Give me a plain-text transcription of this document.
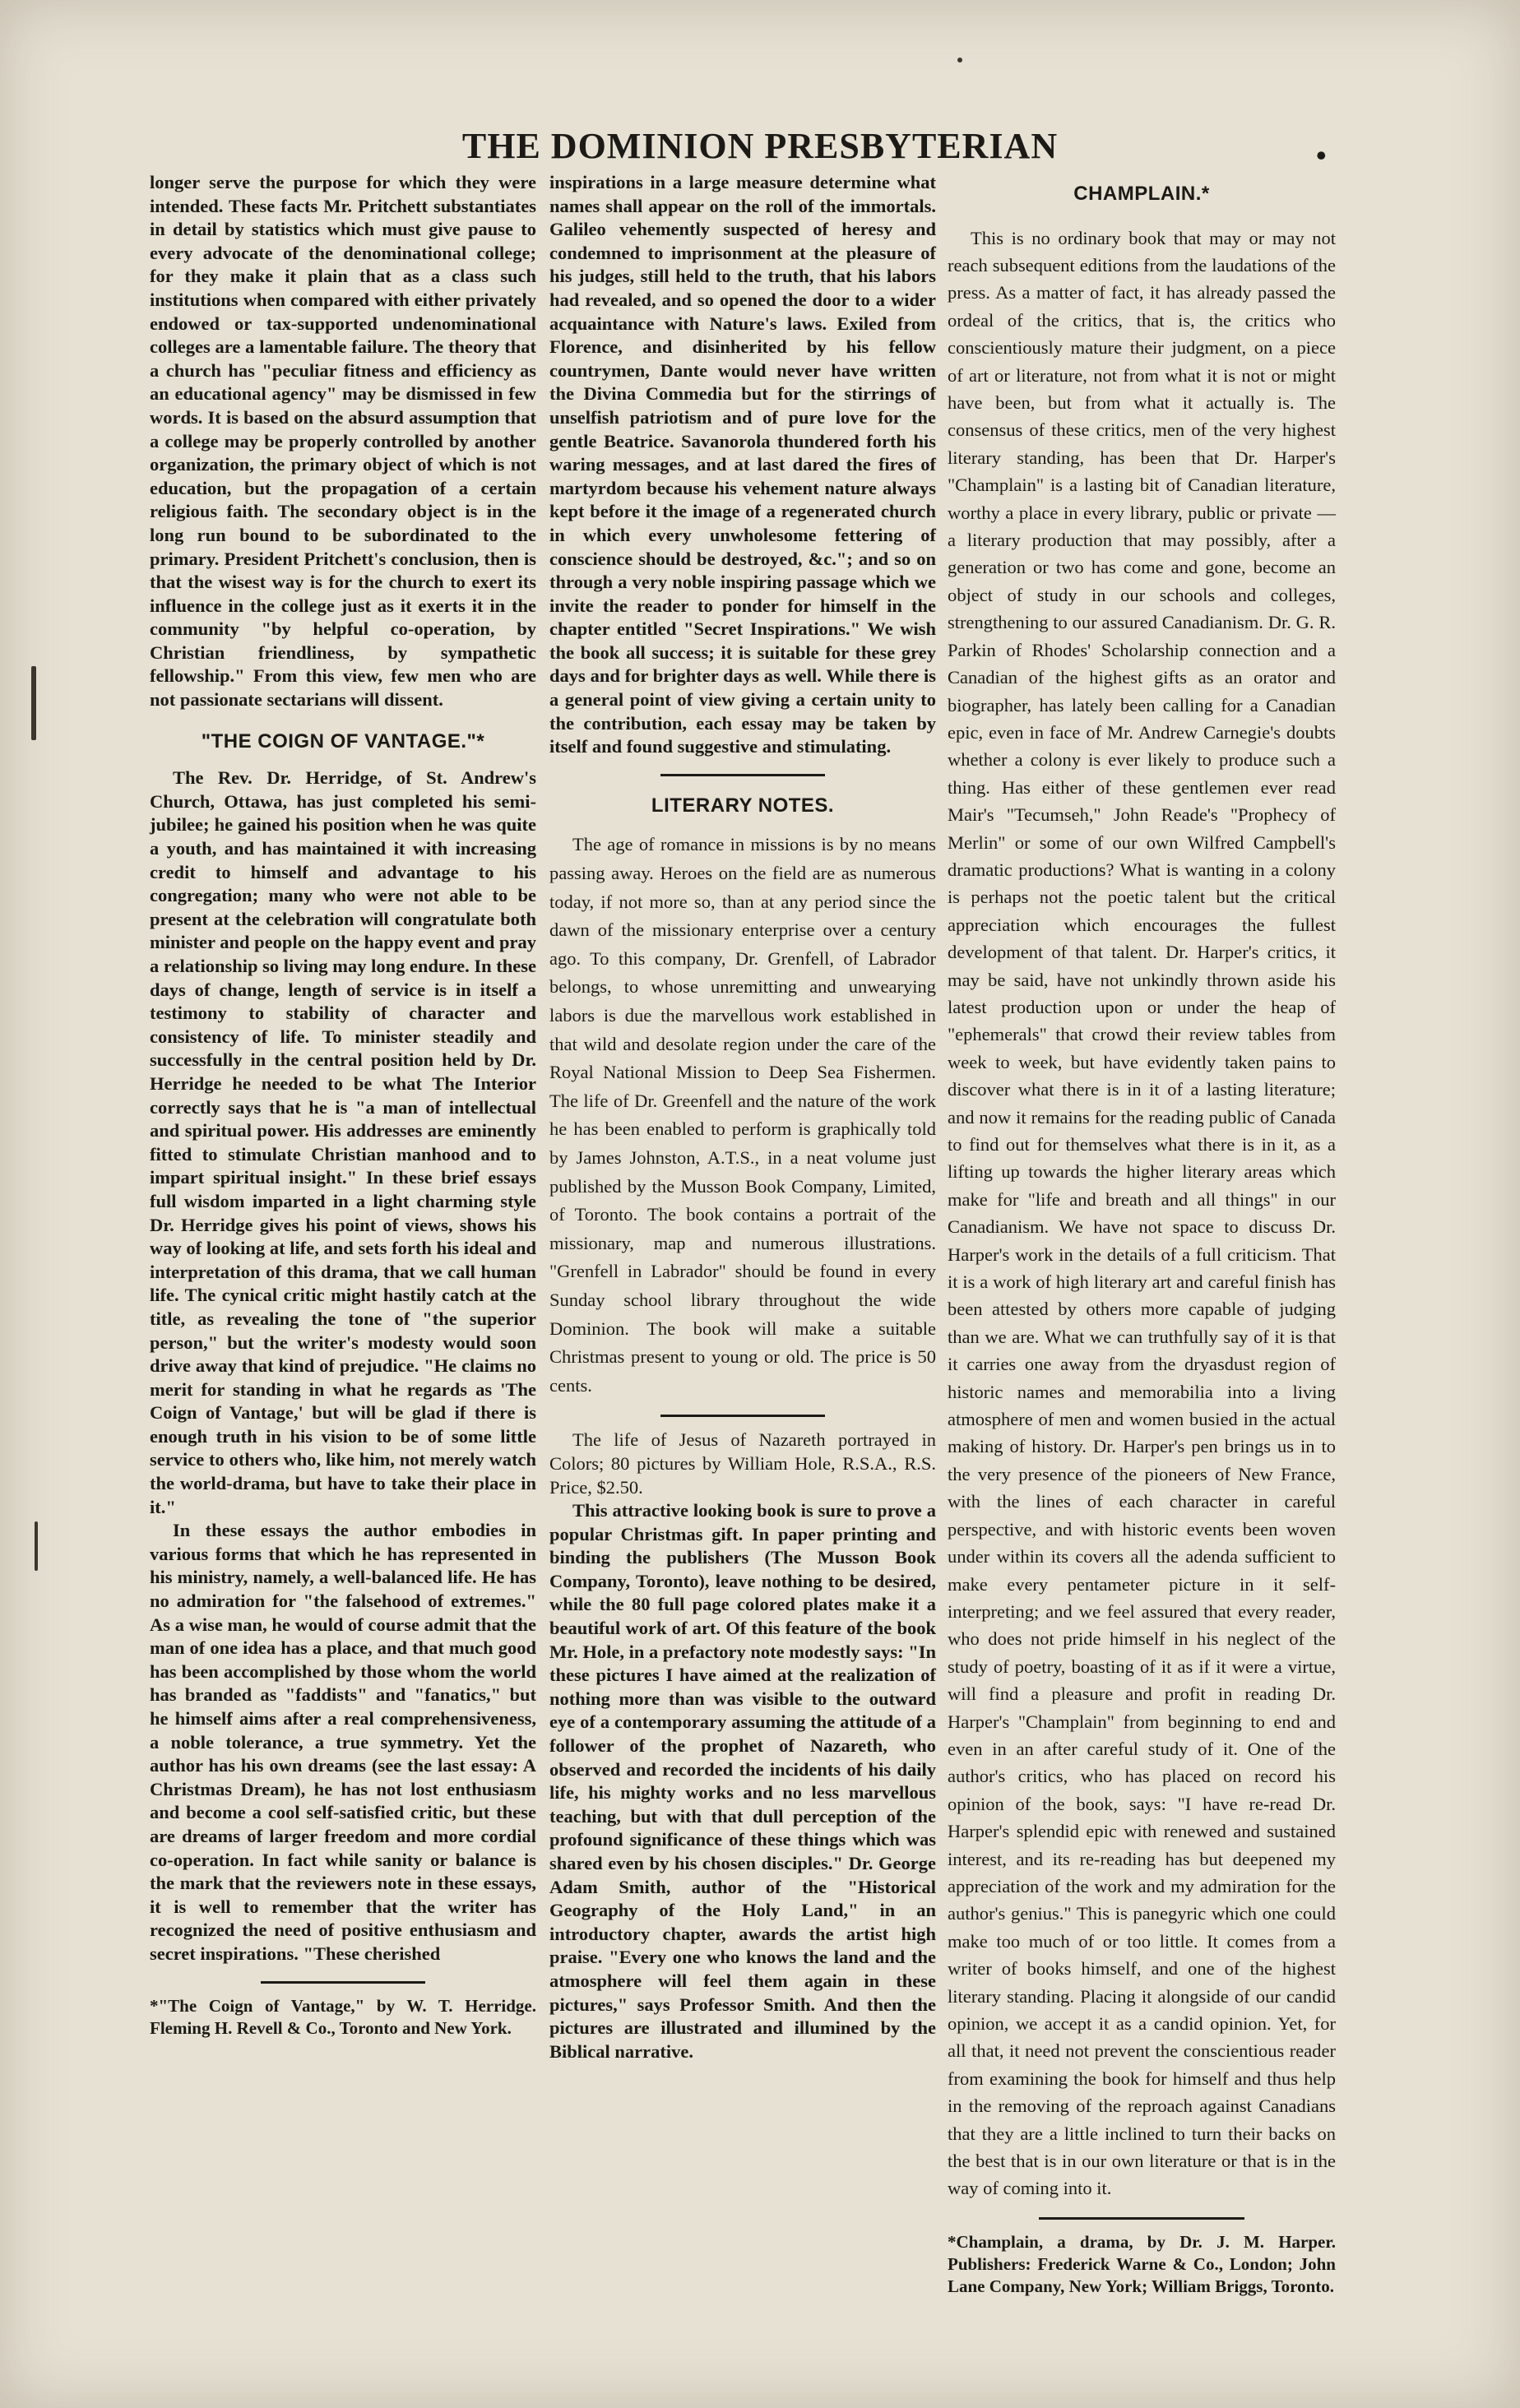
THE DOMINION PRESBYTERIAN	•

longer serve the purpose for which they were intended. These facts Mr. Pritchett substantiates in detail by statistics which must give pause to every advocate of the denominational college; for they make it plain that as a class such institutions when compared with either privately endowed or tax-supported undenominational colleges are a lamentable failure. The theory that a church has "peculiar fitness and efficiency as an educational agency" may be dismissed in few words. It is based on the absurd assumption that a college may be properly controlled by another organization, the primary object of which is not education, but the propagation of a certain religious faith. The secondary object is in the long run bound to be subordinated to the primary. President Pritchett's conclusion, then is that the wisest way is for the church to exert its influence in the college just as it exerts it in the community "by helpful co-operation, by Christian friendliness, by sympathetic fellowship." From this view, few men who are not passionate sectarians will dissent.

"THE COIGN OF VANTAGE."*

The Rev. Dr. Herridge, of St. Andrew's Church, Ottawa, has just completed his semi-jubilee; he gained his position when he was quite a youth, and has maintained it with increasing credit to himself and advantage to his congregation; many who were not able to be present at the celebration will congratulate both minister and people on the happy event and pray a relationship so living may long endure. In these days of change, length of service is in itself a testimony to stability of character and consistency of life. To minister steadily and successfully in the central position held by Dr. Herridge he needed to be what The Interior correctly says that he is "a man of intellectual and spiritual power. His addresses are eminently fitted to stimulate Christian manhood and to impart spiritual insight." In these brief essays full wisdom imparted in a light charming style Dr. Herridge gives his point of views, shows his way of looking at life, and sets forth his ideal and interpretation of this drama, that we call human life. The cynical critic might hastily catch at the title, as revealing the tone of "the superior person," but the writer's modesty would soon drive away that kind of prejudice. "He claims no merit for standing in what he regards as 'The Coign of Vantage,' but will be glad if there is enough truth in his vision to be of some little service to others who, like him, not merely watch the world-drama, but have to take their place in it."

In these essays the author embodies in various forms that which he has represented in his ministry, namely, a well-balanced life. He has no admiration for "the falsehood of extremes." As a wise man, he would of course admit that the man of one idea has a place, and that much good has been accomplished by those whom the world has branded as "faddists" and "fanatics," but he himself aims after a real comprehensiveness, a noble tolerance, a true symmetry. Yet the author has his own dreams (see the last essay: A Christmas Dream), he has not lost enthusiasm and become a cool self-satisfied critic, but these are dreams of larger freedom and more cordial co-operation. In fact while sanity or balance is the mark that the reviewers note in these essays, it is well to remember that the writer has recognized the need of positive enthusiasm and secret inspirations. "These cherished

*"The Coign of Vantage," by W. T. Herridge. Fleming H. Revell & Co., Toronto and New York.

inspirations in a large measure determine what names shall appear on the roll of the immortals. Galileo vehemently suspected of heresy and condemned to imprisonment at the pleasure of his judges, still held to the truth, that his labors had revealed, and so opened the door to a wider acquaintance with Nature's laws. Exiled from Florence, and disinherited by his fellow countrymen, Dante would never have written the Divina Commedia but for the stirrings of unselfish patriotism and of pure love for the gentle Beatrice. Savanorola thundered forth his waring messages, and at last dared the fires of martyrdom because his vehement nature always kept before it the image of a regenerated church in which every unwholesome fettering of conscience should be destroyed, &c."; and so on through a very noble inspiring passage which we invite the reader to ponder for himself in the chapter entitled "Secret Inspirations." We wish the book all success; it is suitable for these grey days and for brighter days as well. While there is a general point of view giving a certain unity to the contribution, each essay may be taken by itself and found suggestive and stimulating.

LITERARY NOTES.

The age of romance in missions is by no means passing away. Heroes on the field are as numerous today, if not more so, than at any period since the dawn of the missionary enterprise over a century ago. To this company, Dr. Grenfell, of Labrador belongs, to whose unremitting and unwearying labors is due the marvellous work established in that wild and desolate region under the care of the Royal National Mission to Deep Sea Fishermen. The life of Dr. Greenfell and the nature of the work he has been enabled to perform is graphically told by James Johnston, A.T.S., in a neat volume just published by the Musson Book Company, Limited, of Toronto. The book contains a portrait of the missionary, map and numerous illustrations. "Grenfell in Labrador" should be found in every Sunday school library throughout the wide Dominion. The book will make a suitable Christmas present to young or old. The price is 50 cents.

The life of Jesus of Nazareth portrayed in Colors; 80 pictures by William Hole, R.S.A., R.S. Price, $2.50.

This attractive looking book is sure to prove a popular Christmas gift. In paper printing and binding the publishers (The Musson Book Company, Toronto), leave nothing to be desired, while the 80 full page colored plates make it a beautiful work of art. Of this feature of the book Mr. Hole, in a prefactory note modestly says: "In these pictures I have aimed at the realization of nothing more than was visible to the outward eye of a contemporary assuming the attitude of a follower of the prophet of Nazareth, who observed and recorded the incidents of his daily life, his mighty works and no less marvellous teaching, but with that dull perception of the profound significance of these things which was shared even by his chosen disciples." Dr. George Adam Smith, author of the "Historical Geography of the Holy Land," in an introductory chapter, awards the artist high praise. "Every one who knows the land and the atmosphere will feel them again in these pictures," says Professor Smith. And then the pictures are illustrated and illumined by the Biblical narrative.

CHAMPLAIN.*

This is no ordinary book that may or may not reach subsequent editions from the laudations of the press. As a matter of fact, it has already passed the ordeal of the critics, that is, the critics who conscientiously mature their judgment, on a piece of art or literature, not from what it is not or might have been, but from what it actually is. The consensus of these critics, men of the very highest literary standing, has been that Dr. Harper's "Champlain" is a lasting bit of Canadian literature, worthy a place in every library, public or private —a literary production that may possibly, after a generation or two has come and gone, become an object of study in our schools and colleges, strengthening to our assured Canadianism. Dr. G. R. Parkin of Rhodes' Scholarship connection and a Canadian of the highest gifts as an orator and biographer, has lately been calling for a Canadian epic, even in face of Mr. Andrew Carnegie's doubts whether a colony is ever likely to produce such a thing. Has either of these gentlemen ever read Mair's "Tecumseh," John Reade's "Prophecy of Merlin" or some of our own Wilfred Campbell's dramatic productions? What is wanting in a colony is perhaps not the poetic talent but the critical appreciation which encourages the fullest development of that talent. Dr. Harper's critics, it may be said, have not unkindly thrown aside his latest production upon or under the heap of "ephemerals" that crowd their review tables from week to week, but have evidently taken pains to discover what there is in it of a lasting literature; and now it remains for the reading public of Canada to find out for themselves what there is in it, as a lifting up towards the higher literary areas which make for "life and breath and all things" in our Canadianism. We have not space to discuss Dr. Harper's work in the details of a full criticism. That it is a work of high literary art and careful finish has been attested by others more capable of judging than we are. What we can truthfully say of it is that it carries one away from the dryasdust region of historic names and memorabilia into a living atmosphere of men and women busied in the actual making of history. Dr. Harper's pen brings us in to the very presence of the pioneers of New France, with the lines of each character in careful perspective, and with historic events been woven under within its covers all the adenda sufficient to make every pentameter picture in it self-interpreting; and we feel assured that every reader, who does not pride himself in his neglect of the study of poetry, boasting of it as if it were a virtue, will find a pleasure and profit in reading Dr. Harper's "Champlain" from beginning to end and even in an after careful study of it. One of the author's critics, who has placed on record his opinion of the book, says: "I have re-read Dr. Harper's splendid epic with renewed and sustained interest, and its re-reading has but deepened my appreciation of the work and my admiration for the author's genius." This is panegyric which one could make too much of or too little. It comes from a writer of books himself, and one of the highest literary standing. Placing it alongside of our candid opinion, we accept it as a candid opinion. Yet, for all that, it need not prevent the conscientious reader from examining the book for himself and thus help in the removing of the reproach against Canadians that they are a little inclined to turn their backs on the best that is in our own literature or that is in the way of coming into it.

*Champlain, a drama, by Dr. J. M. Harper. Publishers: Frederick Warne & Co., London; John Lane Company, New York; William Briggs, Toronto.
